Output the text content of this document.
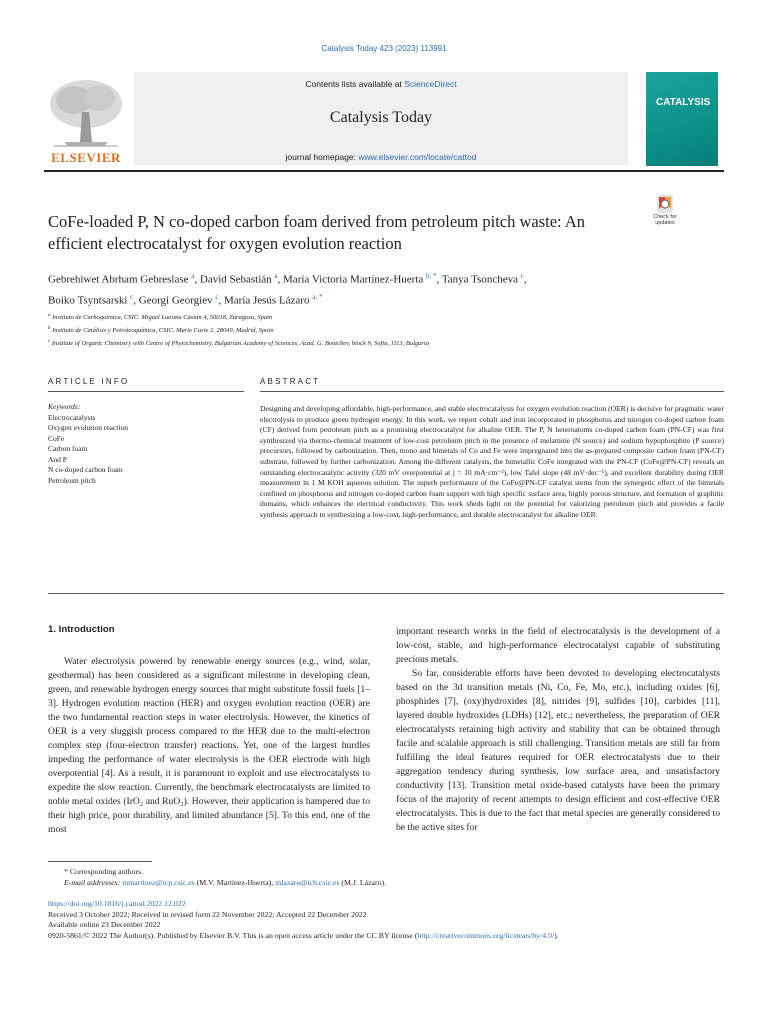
Catalysis Today 423 (2023) 113991
Contents lists available at ScienceDirect
Catalysis Today
journal homepage: www.elsevier.com/locate/cattod
ELSEVIER
CATALYSIS
CoFe-loaded P, N co-doped carbon foam derived from petroleum pitch waste: An efficient electrocatalyst for oxygen evolution reaction
Check for updates
Gebrehiwet Abrham Gebreslase $^a$, David Sebastián $^a$, María Victoria Martínez-Huerta $^{b, *}$, Tanya Tsoncheva $^c$,
Boiko Tsyntsarski $^c$, Georgi Georgiev $^c$, María Jesús Lázaro $^{a, *}$
$^a$ Instituto de Carboquímica, CSIC. Miguel Luesma Castán 4, 50018, Zaragoza, Spain
$^b$ Instituto de Catálisis y Petroleoquímica, CSIC. Marie Curie 2, 28049, Madrid, Spain
$^c$ Institute of Organic Chemistry with Centre of Phytochemistry, Bulgarian Academy of Sciences, Acad. G. Bontchev, block 9, Sofia, 1113, Bulgaria
ARTICLE INFO	ABSTRACT
Keywords:
Electrocatalysts
Oxygen evolution reaction
CoFe
Carbon foam
And P
N co-doped carbon foam
Petroleum pitch
Designing and developing affordable, high-performance, and stable electrocatalysts for oxygen evolution reaction (OER) is decisive for pragmatic water electrolysis to produce green hydrogen energy. In this work, we report cobalt and iron incorporated in phosphorus and nitrogen co-doped carbon foam (CF) derived from petroleum pitch as a promising electrocatalyst for alkaline OER. The P, N heteroatoms co-doped carbon foam (PN-CF) was first synthesized via thermo-chemical treatment of low-cost petroleum pitch in the presence of melamine (N source) and sodium hypophosphite (P source) precursors, followed by carbonization. Then, mono and bimetals of Co and Fe were impregnated into the as-prepared composite carbon foam (PN-CF) substrate, followed by further carbonization. Among the different catalysts, the bimetallic CoFe integrated with the PN-CF (CoFe@PN-CF) reveals an outstanding electrocatalytic activity (320 mV overpotential at j = 10 mA·cm⁻²), low Tafel slope (48 mV·dec⁻¹), and excellent durability during OER measurement in 1 M KOH aqueous solution. The superb performance of the CoFe@PN-CF catalyst stems from the synergetic effect of the bimetals confined on phosphorus and nitrogen co-doped carbon foam support with high specific surface area, highly porous structure, and formation of graphitic domains, which enhances the electrical conductivity. This work sheds light on the potential for valorizing petroleum pitch and provides a facile synthesis approach to synthesizing a low-cost, high-performance, and durable electrocatalyst for alkaline OER.
1. Introduction

Water electrolysis powered by renewable energy sources (e.g., wind, solar, geothermal) has been considered as a significant milestone in developing clean, green, and renewable hydrogen energy sources that might substitute fossil fuels [1–3]. Hydrogen evolution reaction (HER) and oxygen evolution reaction (OER) are the two fundamental reaction steps in water electrolysis. However, the kinetics of OER is a very sluggish process compared to the HER due to the multi-electron complex step (four-electron transfer) reactions. Yet, one of the largest hurdles impeding the performance of water electrolysis is the OER electrode with high overpotential [4]. As a result, it is paramount to exploit and use electrocatalysts to expedite the slow reaction. Currently, the benchmark electrocatalysts are limited to noble metal oxides (IrO₂ and RuO₂). However, their application is hampered due to their high price, poor durability, and limited abundance [5]. To this end, one of the most

important research works in the field of electrocatalysis is the development of a low-cost, stable, and high-performance electrocatalyst capable of substituting precious metals.

So far, considerable efforts have been devoted to developing electrocatalysts based on the 3d transition metals (Ni, Co, Fe, Mo, etc.), including oxides [6], phosphides [7], (oxy)hydroxides [8], nitrides [9], sulfides [10], carbides [11], layered double hydroxides (LDHs) [12], etc.; nevertheless, the preparation of OER electrocatalysts retaining high activity and stability that can be obtained through facile and scalable approach is still challenging. Transition metals are still far from fulfilling the ideal features required for OER electrocatalysts due to their aggregation tendency during synthesis, low surface area, and unsatisfactory conductivity [13]. Transition metal oxide-based catalysts have been the primary focus of the majority of recent attempts to design efficient and cost-effective OER electrocatalysts. This is due to the fact that metal species are generally considered to be the active sites for

* Corresponding authors.
E-mail addresses: mmartinez@icp.csic.es (M.V. Martínez-Huerta), mlazaro@icb.csic.es (M.J. Lázaro).
https://doi.org/10.1016/j.cattod.2022.12.022
Received 3 October 2022; Received in revised form 22 November 2022; Accepted 22 December 2022
Available online 23 December 2022
0920-5861/© 2022 The Author(s). Published by Elsevier B.V. This is an open access article under the CC BY license (http://creativecommons.org/licenses/by/4.0/).
